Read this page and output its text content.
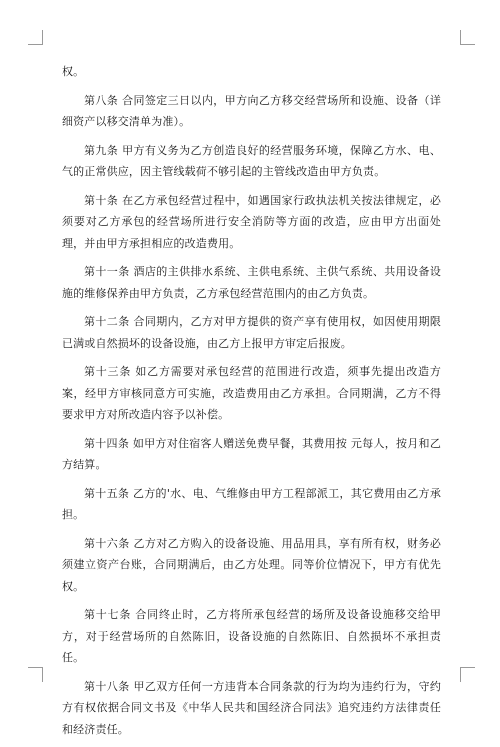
权。

第八条 合同签定三日以内，甲方向乙方移交经营场所和设施、设备（详细资产以移交清单为准）。

第九条 甲方有义务为乙方创造良好的经营服务环境，保障乙方水、电、气的正常供应，因主管线载荷不够引起的主管线改造由甲方负责。

第十条 在乙方承包经营过程中，如遇国家行政执法机关按法律规定，必须要对乙方承包的经营场所进行安全消防等方面的改造，应由甲方出面处理，并由甲方承担相应的改造费用。

第十一条 酒店的主供排水系统、主供电系统、主供气系统、共用设备设施的维修保养由甲方负责，乙方承包经营范围内的由乙方负责。

第十二条 合同期内，乙方对甲方提供的资产享有使用权，如因使用期限已满或自然损坏的设备设施，由乙方上报甲方审定后报废。

第十三条 如乙方需要对承包经营的范围进行改造，须事先提出改造方案，经甲方审核同意方可实施，改造费用由乙方承担。合同期满，乙方不得要求甲方对所改造内容予以补偿。

第十四条 如甲方对住宿客人赠送免费早餐，其费用按 元每人，按月和乙方结算。

第十五条 乙方的'水、电、气维修由甲方工程部派工，其它费用由乙方承担。

第十六条 乙方对乙方购入的设备设施、用品用具，享有所有权，财务必须建立资产台账，合同期满后，由乙方处理。同等价位情况下，甲方有优先权。

第十七条 合同终止时，乙方将所承包经营的场所及设备设施移交给甲方，对于经营场所的自然陈旧，设备设施的自然陈旧、自然损坏不承担责任。

第十八条 甲乙双方任何一方违背本合同条款的行为均为违约行为，守约方有权依据合同文书及《中华人民共和国经济合同法》追究违约方法律责任和经济责任。
